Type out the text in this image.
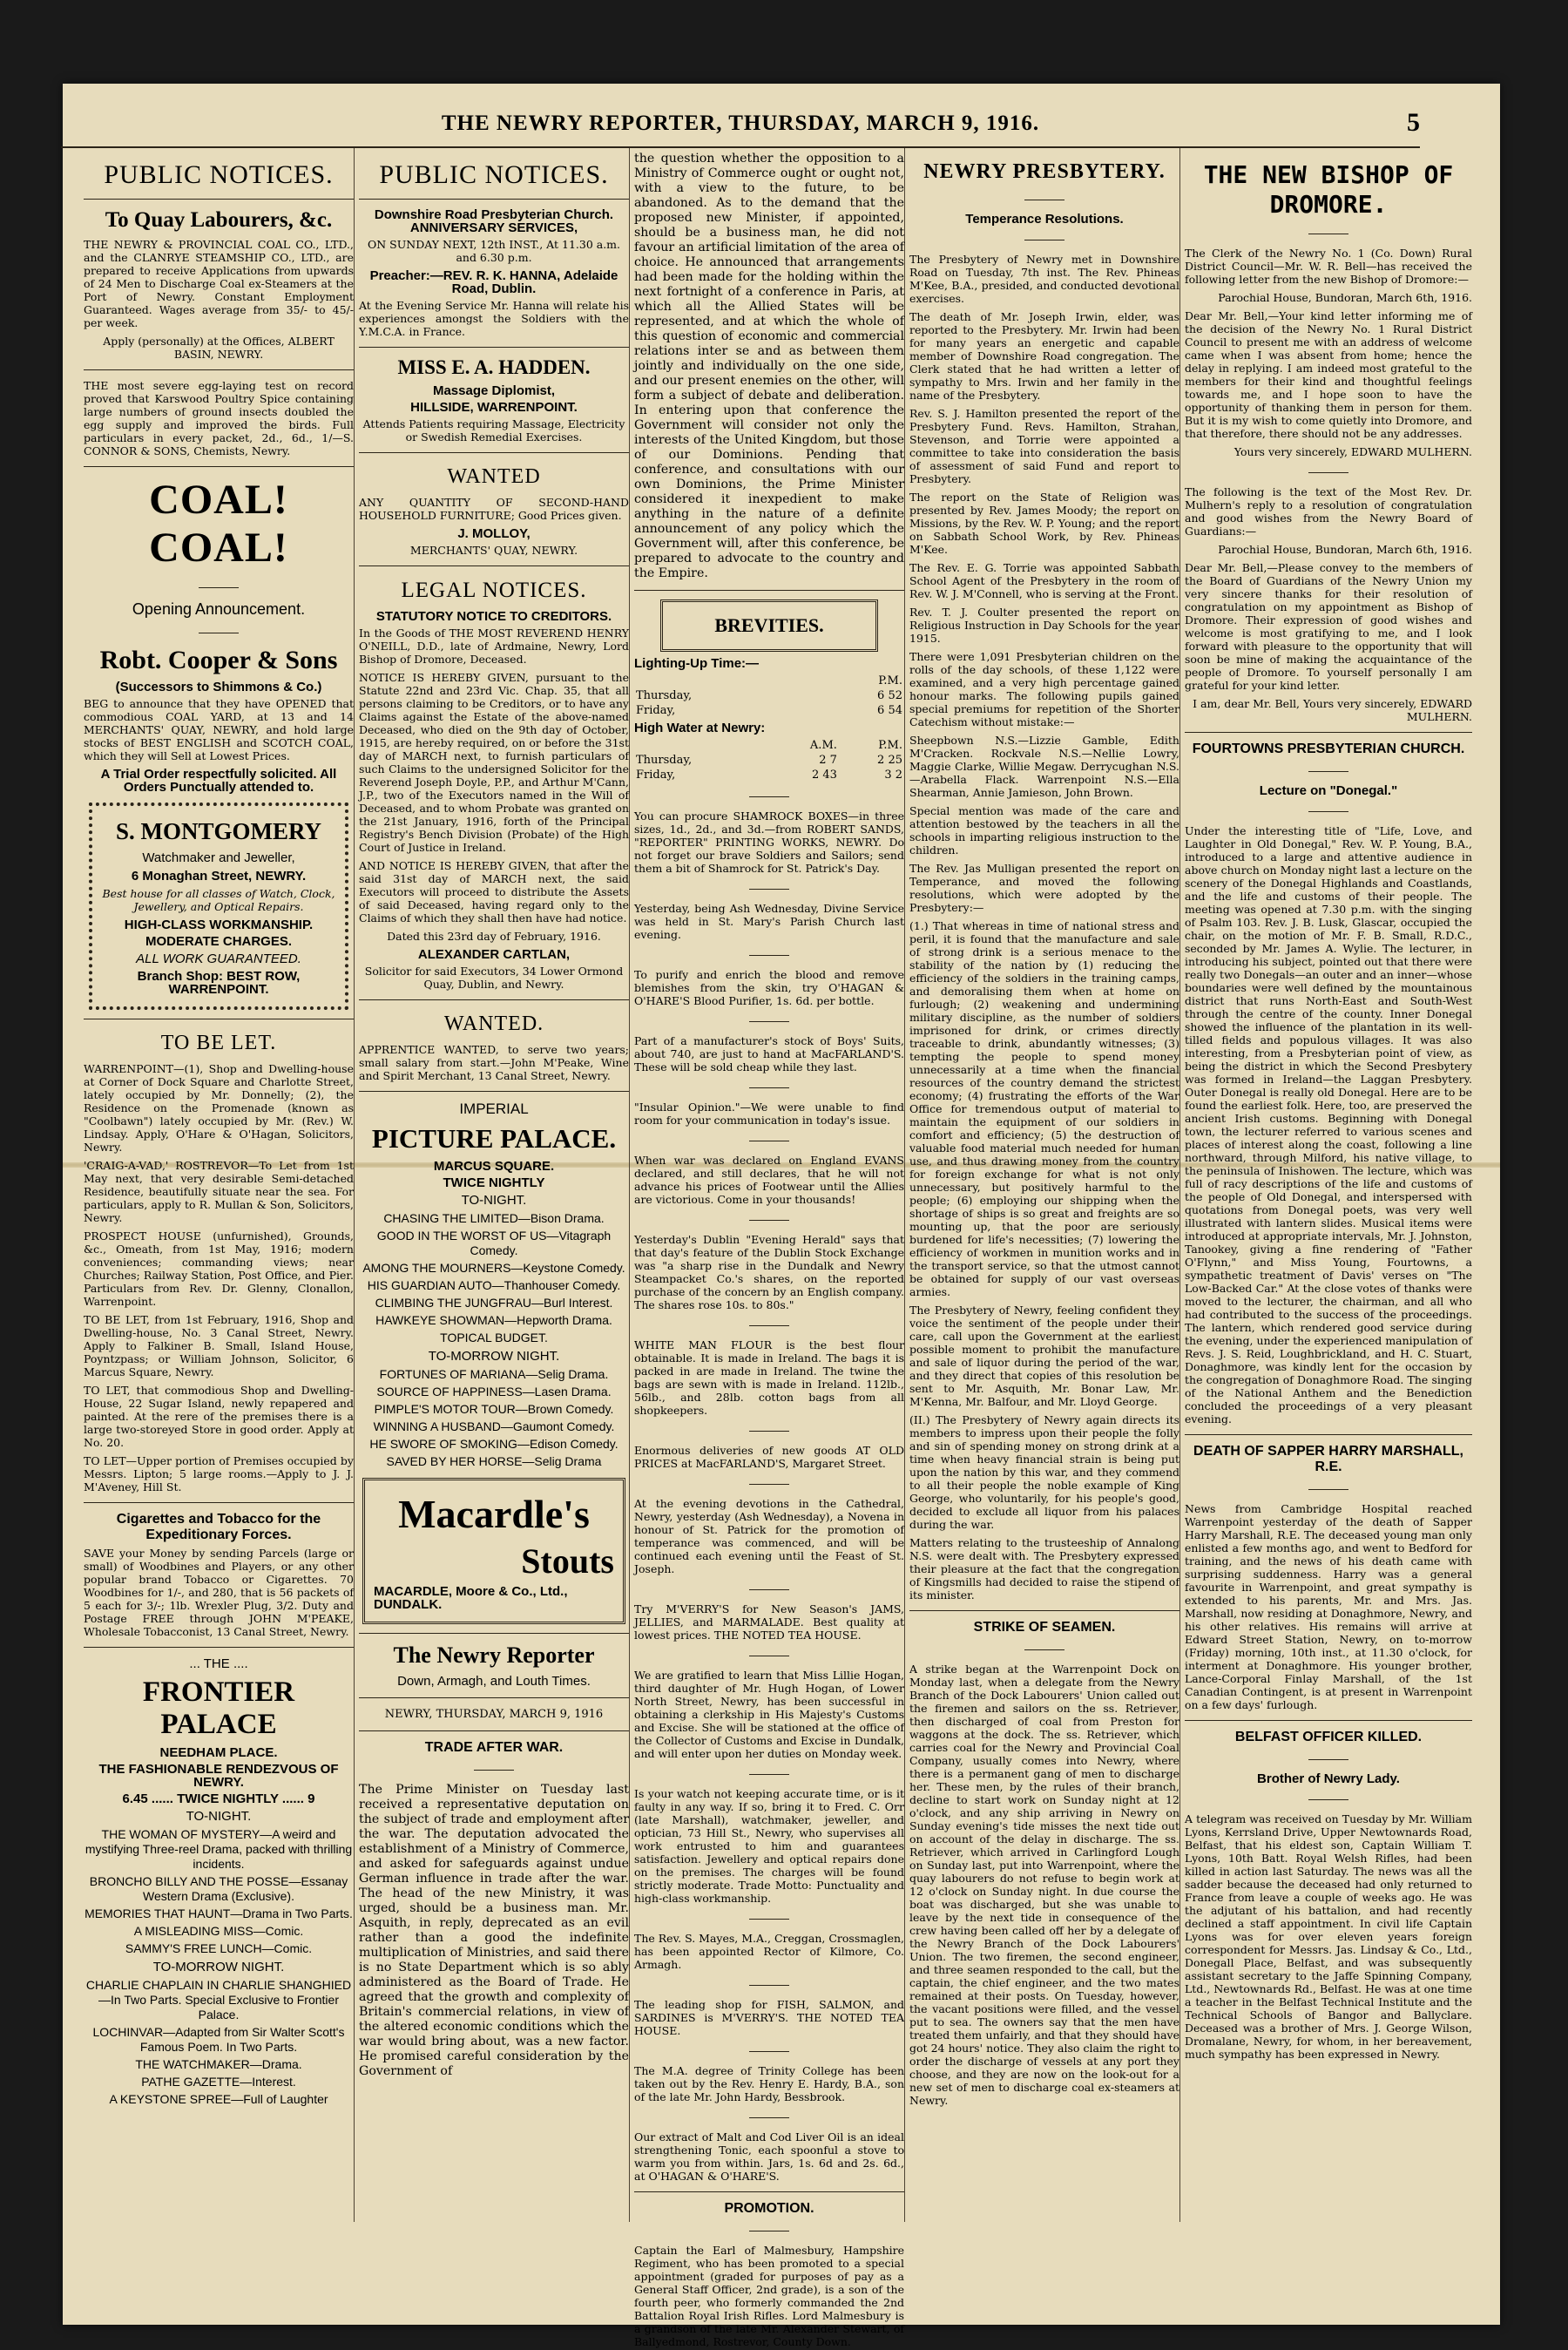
THE NEWRY REPORTER, THURSDAY, MARCH 9, 1916.	5
PUBLIC NOTICES.
To Quay Labourers, &c.
THE NEWRY & PROVINCIAL COAL CO., LTD., and the CLANRYE STEAMSHIP CO., LTD., are prepared to receive Applications from upwards of 24 Men to Discharge Coal ex-Steamers at the Port of Newry. Constant Employment Guaranteed. Wages average from 35/- to 45/- per week.
Apply (personally) at the Offices, ALBERT BASIN, NEWRY.
THE most severe egg-laying test on record proved that Karswood Poultry Spice containing large numbers of ground insects doubled the egg supply and improved the birds. Full particulars in every packet, 2d., 6d., 1/—S. CONNOR & SONS, Chemists, Newry.
COAL! COAL!
Opening Announcement.
Robt. Cooper & Sons
(Successors to Shimmons & Co.)
BEG to announce that they have OPENED that commodious COAL YARD, at 13 and 14 MERCHANTS' QUAY, NEWRY, and hold large stocks of BEST ENGLISH and SCOTCH COAL, which they will Sell at Lowest Prices.
A Trial Order respectfully solicited. All Orders Punctually attended to.
S. MONTGOMERY
Watchmaker and Jeweller,
6 Monaghan Street, NEWRY.
Best house for all classes of Watch, Clock, Jewellery, and Optical Repairs.
HIGH-CLASS WORKMANSHIP.
MODERATE CHARGES.
ALL WORK GUARANTEED.
Branch Shop: BEST ROW, WARRENPOINT.
TO BE LET.
WARRENPOINT—(1), Shop and Dwelling-house at Corner of Dock Square and Charlotte Street, lately occupied by Mr. Donnelly; (2), the Residence on the Promenade (known as "Coolbawn") lately occupied by Mr. (Rev.) W. Lindsay. Apply, O'Hare & O'Hagan, Solicitors, Newry.
'CRAIG-A-VAD,' ROSTREVOR—To Let from 1st May next, that very desirable Semi-detached Residence, beautifully situate near the sea. For particulars, apply to R. Mullan & Son, Solicitors, Newry.
PROSPECT HOUSE (unfurnished), Grounds, &c., Omeath, from 1st May, 1916; modern conveniences; commanding views; near Churches; Railway Station, Post Office, and Pier. Particulars from Rev. Dr. Glenny, Clonallon, Warrenpoint.
TO BE LET, from 1st February, 1916, Shop and Dwelling-house, No. 3 Canal Street, Newry. Apply to Falkiner B. Small, Island House, Poyntzpass; or William Johnson, Solicitor, 6 Marcus Square, Newry.
TO LET, that commodious Shop and Dwelling-House, 22 Sugar Island, newly repapered and painted. At the rere of the premises there is a large two-storeyed Store in good order. Apply at No. 20.
TO LET—Upper portion of Premises occupied by Messrs. Lipton; 5 large rooms.—Apply to J. J. M'Aveney, Hill St.
Cigarettes and Tobacco for the Expeditionary Forces.
SAVE your Money by sending Parcels (large or small) of Woodbines and Players, or any other popular brand Tobacco or Cigarettes. 70 Woodbines for 1/-, and 280, that is 56 packets of 5 each for 3/-; 1lb. Wrexler Plug, 3/2. Duty and Postage FREE through JOHN M'PEAKE, Wholesale Tobacconist, 13 Canal Street, Newry.
... THE ....
FRONTIER PALACE
NEEDHAM PLACE.
THE FASHIONABLE RENDEZVOUS OF NEWRY.
6.45 ...... TWICE NIGHTLY ...... 9
TO-NIGHT.
THE WOMAN OF MYSTERY—A weird and mystifying Three-reel Drama, packed with thrilling incidents.
BRONCHO BILLY AND THE POSSE—Essanay Western Drama (Exclusive).
MEMORIES THAT HAUNT—Drama in Two Parts.
A MISLEADING MISS—Comic.
SAMMY'S FREE LUNCH—Comic.
TO-MORROW NIGHT.
CHARLIE CHAPLAIN IN CHARLIE SHANGHIED—In Two Parts. Special Exclusive to Frontier Palace.
LOCHINVAR—Adapted from Sir Walter Scott's Famous Poem. In Two Parts.
THE WATCHMAKER—Drama.
PATHE GAZETTE—Interest.
A KEYSTONE SPREE—Full of Laughter
PUBLIC NOTICES.
Downshire Road Presbyterian Church. ANNIVERSARY SERVICES,
ON SUNDAY NEXT, 12th INST., At 11.30 a.m. and 6.30 p.m.
Preacher:—REV. R. K. HANNA, Adelaide Road, Dublin.
At the Evening Service Mr. Hanna will relate his experiences amongst the Soldiers with the Y.M.C.A. in France.
MISS E. A. HADDEN.
Massage Diplomist,
HILLSIDE, WARRENPOINT.
Attends Patients requiring Massage, Electricity or Swedish Remedial Exercises.
WANTED
ANY QUANTITY OF SECOND-HAND HOUSEHOLD FURNITURE; Good Prices given.
J. MOLLOY,
MERCHANTS' QUAY, NEWRY.
LEGAL NOTICES.
STATUTORY NOTICE TO CREDITORS.
In the Goods of THE MOST REVEREND HENRY O'NEILL, D.D., late of Ardmaine, Newry, Lord Bishop of Dromore, Deceased.
NOTICE IS HEREBY GIVEN, pursuant to the Statute 22nd and 23rd Vic. Chap. 35, that all persons claiming to be Creditors, or to have any Claims against the Estate of the above-named Deceased, who died on the 9th day of October, 1915, are hereby required, on or before the 31st day of MARCH next, to furnish particulars of such Claims to the undersigned Solicitor for the Reverend Joseph Doyle, P.P., and Arthur M'Cann, J.P., two of the Executors named in the Will of Deceased, and to whom Probate was granted on the 21st January, 1916, forth of the Principal Registry's Bench Division (Probate) of the High Court of Justice in Ireland.
AND NOTICE IS HEREBY GIVEN, that after the said 31st day of MARCH next, the said Executors will proceed to distribute the Assets of said Deceased, having regard only to the Claims of which they shall then have had notice.
Dated this 23rd day of February, 1916.
ALEXANDER CARTLAN,
Solicitor for said Executors, 34 Lower Ormond Quay, Dublin, and Newry.
WANTED.
APPRENTICE WANTED, to serve two years; small salary from start.—John M'Peake, Wine and Spirit Merchant, 13 Canal Street, Newry.
IMPERIAL
PICTURE PALACE.
MARCUS SQUARE.
TWICE NIGHTLY
TO-NIGHT.
CHASING THE LIMITED—Bison Drama.
GOOD IN THE WORST OF US—Vitagraph Comedy.
AMONG THE MOURNERS—Keystone Comedy.
HIS GUARDIAN AUTO—Thanhouser Comedy.
CLIMBING THE JUNGFRAU—Burl Interest.
HAWKEYE SHOWMAN—Hepworth Drama.
TOPICAL BUDGET.
TO-MORROW NIGHT.
FORTUNES OF MARIANA—Selig Drama.
SOURCE OF HAPPINESS—Lasen Drama.
PIMPLE'S MOTOR TOUR—Brown Comedy.
WINNING A HUSBAND—Gaumont Comedy.
HE SWORE OF SMOKING—Edison Comedy.
SAVED BY HER HORSE—Selig Drama
Macardle's
Stouts
MACARDLE, Moore & Co., Ltd., DUNDALK.
The Newry Reporter
Down, Armagh, and Louth Times.
NEWRY, THURSDAY, MARCH 9, 1916
TRADE AFTER WAR.
The Prime Minister on Tuesday last received a representative deputation on the subject of trade and employment after the war. The deputation advocated the establishment of a Ministry of Commerce, and asked for safeguards against undue German influence in trade after the war. The head of the new Ministry, it was urged, should be a business man. Mr. Asquith, in reply, deprecated as an evil rather than a good the indefinite multiplication of Ministries, and said there is no State Department which is so ably administered as the Board of Trade. He agreed that the growth and complexity of Britain's commercial relations, in view of the altered economic conditions which the war would bring about, was a new factor. He promised careful consideration by the Government of
the question whether the opposition to a Ministry of Commerce ought or ought not, with a view to the future, to be abandoned. As to the demand that the proposed new Minister, if appointed, should be a business man, he did not favour an artificial limitation of the area of choice. He announced that arrangements had been made for the holding within the next fortnight of a conference in Paris, at which all the Allied States will be represented, and at which the whole of this question of economic and commercial relations inter se and as between them jointly and individually on the one side, and our present enemies on the other, will form a subject of debate and deliberation. In entering upon that conference the Government will consider not only the interests of the United Kingdom, but those of our Dominions. Pending that conference, and consultations with our own Dominions, the Prime Minister considered it inexpedient to make anything in the nature of a definite announcement of any policy which the Government will, after this conference, be prepared to advocate to the country and the Empire.
BREVITIES.
Lighting-Up Time:—
	P.M.
Thursday,	6 52
Friday,	6 54
High Water at Newry:
	A.M.	P.M.
Thursday,	2 7	2 25
Friday,	2 43	3 2
You can procure SHAMROCK BOXES—in three sizes, 1d., 2d., and 3d.—from ROBERT SANDS, "REPORTER" PRINTING WORKS, NEWRY. Do not forget our brave Soldiers and Sailors; send them a bit of Shamrock for St. Patrick's Day.
Yesterday, being Ash Wednesday, Divine Service was held in St. Mary's Parish Church last evening.
To purify and enrich the blood and remove blemishes from the skin, try O'HAGAN & O'HARE'S Blood Purifier, 1s. 6d. per bottle.
Part of a manufacturer's stock of Boys' Suits, about 740, are just to hand at MacFARLAND'S. These will be sold cheap while they last.
"Insular Opinion."—We were unable to find room for your communication in today's issue.
When war was declared on England EVANS declared, and still declares, that he will not advance his prices of Footwear until the Allies are victorious. Come in your thousands!
Yesterday's Dublin "Evening Herald" says that that day's feature of the Dublin Stock Exchange was "a sharp rise in the Dundalk and Newry Steampacket Co.'s shares, on the reported purchase of the concern by an English company. The shares rose 10s. to 80s."
WHITE MAN FLOUR is the best flour obtainable. It is made in Ireland. The bags it is packed in are made in Ireland. The twine the bags are sewn with is made in Ireland. 112lb., 56lb., and 28lb. cotton bags from all shopkeepers.
Enormous deliveries of new goods AT OLD PRICES at MacFARLAND'S, Margaret Street.
At the evening devotions in the Cathedral, Newry, yesterday (Ash Wednesday), a Novena in honour of St. Patrick for the promotion of temperance was commenced, and will be continued each evening until the Feast of St. Joseph.
Try M'VERRY'S for New Season's JAMS, JELLIES, and MARMALADE. Best quality at lowest prices. THE NOTED TEA HOUSE.
We are gratified to learn that Miss Lillie Hogan, third daughter of Mr. Hugh Hogan, of Lower North Street, Newry, has been successful in obtaining a clerkship in His Majesty's Customs and Excise. She will be stationed at the office of the Collector of Customs and Excise in Dundalk, and will enter upon her duties on Monday week.
Is your watch not keeping accurate time, or is it faulty in any way. If so, bring it to Fred. C. Orr (late Marshall), watchmaker, jeweller, and optician, 73 Hill St., Newry, who supervises all work entrusted to him and guarantees satisfaction. Jewellery and optical repairs done on the premises. The charges will be found strictly moderate. Trade Motto: Punctuality and high-class workmanship.
The Rev. S. Mayes, M.A., Creggan, Crossmaglen, has been appointed Rector of Kilmore, Co. Armagh.
The leading shop for FISH, SALMON, and SARDINES is M'VERRY'S. THE NOTED TEA HOUSE.
The M.A. degree of Trinity College has been taken out by the Rev. Henry E. Hardy, B.A., son of the late Mr. John Hardy, Bessbrook.
Our extract of Malt and Cod Liver Oil is an ideal strengthening Tonic, each spoonful a stove to warm you from within. Jars, 1s. 6d and 2s. 6d., at O'HAGAN & O'HARE'S.
PROMOTION.
Captain the Earl of Malmesbury, Hampshire Regiment, who has been promoted to a special appointment (graded for purposes of pay as a General Staff Officer, 2nd grade), is a son of the fourth peer, who formerly commanded the 2nd Battalion Royal Irish Rifles. Lord Malmesbury is a grandson of the late Mr. Alexander Stewart, of Ballyedmond, Rostrevor, County Down.
NEWRY PRESBYTERY.
Temperance Resolutions.
The Presbytery of Newry met in Downshire Road on Tuesday, 7th inst. The Rev. Phineas M'Kee, B.A., presided, and conducted devotional exercises.
The death of Mr. Joseph Irwin, elder, was reported to the Presbytery. Mr. Irwin had been for many years an energetic and capable member of Downshire Road congregation. The Clerk stated that he had written a letter of sympathy to Mrs. Irwin and her family in the name of the Presbytery.
Rev. S. J. Hamilton presented the report of the Presbytery Fund. Revs. Hamilton, Strahan, Stevenson, and Torrie were appointed a committee to take into consideration the basis of assessment of said Fund and report to Presbytery.
The report on the State of Religion was presented by Rev. James Moody; the report on Missions, by the Rev. W. P. Young; and the report on Sabbath School Work, by Rev. Phineas M'Kee.
The Rev. E. G. Torrie was appointed Sabbath School Agent of the Presbytery in the room of Rev. W. J. M'Connell, who is serving at the Front.
Rev. T. J. Coulter presented the report on Religious Instruction in Day Schools for the year 1915.
There were 1,091 Presbyterian children on the rolls of the day schools, of these 1,122 were examined, and a very high percentage gained honour marks. The following pupils gained special premiums for repetition of the Shorter Catechism without mistake:—
Sheepbown N.S.—Lizzie Gamble, Edith M'Cracken. Rockvale N.S.—Nellie Lowry, Maggie Clarke, Willie Megaw. Derrycughan N.S.—Arabella Flack. Warrenpoint N.S.—Ella Shearman, Annie Jamieson, John Brown.
Special mention was made of the care and attention bestowed by the teachers in all the schools in imparting religious instruction to the children.
The Rev. Jas Mulligan presented the report on Temperance, and moved the following resolutions, which were adopted by the Presbytery:—
(1.) That whereas in time of national stress and peril, it is found that the manufacture and sale of strong drink is a serious menace to the stability of the nation by (1) reducing the efficiency of the soldiers in the training camps, and demoralising them when at home on furlough; (2) weakening and undermining military discipline, as the number of soldiers imprisoned for drink, or crimes directly traceable to drink, abundantly witnesses; (3) tempting the people to spend money unnecessarily at a time when the financial resources of the country demand the strictest economy; (4) frustrating the efforts of the War Office for tremendous output of material to maintain the equipment of our soldiers in comfort and efficiency; (5) the destruction of valuable food material much needed for human use, and thus drawing money from the country for foreign exchange for what is not only unnecessary, but positively harmful to the people; (6) employing our shipping when the shortage of ships is so great and freights are so mounting up, that the poor are seriously burdened for life's necessities; (7) lowering the efficiency of workmen in munition works and in the transport service, so that the utmost cannot be obtained for supply of our vast overseas armies.
The Presbytery of Newry, feeling confident they voice the sentiment of the people under their care, call upon the Government at the earliest possible moment to prohibit the manufacture and sale of liquor during the period of the war, and they direct that copies of this resolution be sent to Mr. Asquith, Mr. Bonar Law, Mr. M'Kenna, Mr. Balfour, and Mr. Lloyd George.
(II.) The Presbytery of Newry again directs its members to impress upon their people the folly and sin of spending money on strong drink at a time when heavy financial strain is being put upon the nation by this war, and they commend to all their people the noble example of King George, who voluntarily, for his people's good, decided to exclude all liquor from his palaces during the war.
Matters relating to the trusteeship of Annalong N.S. were dealt with. The Presbytery expressed their pleasure at the fact that the congregation of Kingsmills had decided to raise the stipend of its minister.
STRIKE OF SEAMEN.
A strike began at the Warrenpoint Dock on Monday last, when a delegate from the Newry Branch of the Dock Labourers' Union called out the firemen and sailors on the ss. Retriever, then discharged of coal from Preston for waggons at the dock. The ss. Retriever, which carries coal for the Newry and Provincial Coal Company, usually comes into Newry, where there is a permanent gang of men to discharge her. These men, by the rules of their branch, decline to start work on Sunday night at 12 o'clock, and any ship arriving in Newry on Sunday evening's tide misses the next tide out on account of the delay in discharge. The ss. Retriever, which arrived in Carlingford Lough on Sunday last, put into Warrenpoint, where the quay labourers do not refuse to begin work at 12 o'clock on Sunday night. In due course the boat was discharged, but she was unable to leave by the next tide in consequence of the crew having been called off her by a delegate of the Newry Branch of the Dock Labourers' Union. The two firemen, the second engineer, and three seamen responded to the call, but the captain, the chief engineer, and the two mates remained at their posts. On Tuesday, however, the vacant positions were filled, and the vessel put to sea. The owners say that the men have treated them unfairly, and that they should have got 24 hours' notice. They also claim the right to order the discharge of vessels at any port they choose, and they are now on the look-out for a new set of men to discharge coal ex-steamers at Newry.
THE NEW BISHOP OF DROMORE.
The Clerk of the Newry No. 1 (Co. Down) Rural District Council—Mr. W. R. Bell—has received the following letter from the new Bishop of Dromore:—
Parochial House, Bundoran, March 6th, 1916.
Dear Mr. Bell,—Your kind letter informing me of the decision of the Newry No. 1 Rural District Council to present me with an address of welcome came when I was absent from home; hence the delay in replying. I am indeed most grateful to the members for their kind and thoughtful feelings towards me, and I hope soon to have the opportunity of thanking them in person for them. But it is my wish to come quietly into Dromore, and that therefore, there should not be any addresses.
Yours very sincerely, EDWARD MULHERN.
The following is the text of the Most Rev. Dr. Mulhern's reply to a resolution of congratulation and good wishes from the Newry Board of Guardians:—
Parochial House, Bundoran, March 6th, 1916.
Dear Mr. Bell,—Please convey to the members of the Board of Guardians of the Newry Union my very sincere thanks for their resolution of congratulation on my appointment as Bishop of Dromore. Their expression of good wishes and welcome is most gratifying to me, and I look forward with pleasure to the opportunity that will soon be mine of making the acquaintance of the people of Dromore. To yourself personally I am grateful for your kind letter.
I am, dear Mr. Bell, Yours very sincerely, EDWARD MULHERN.
FOURTOWNS PRESBYTERIAN CHURCH.
Lecture on "Donegal."
Under the interesting title of "Life, Love, and Laughter in Old Donegal," Rev. W. P. Young, B.A., introduced to a large and attentive audience in above church on Monday night last a lecture on the scenery of the Donegal Highlands and Coastlands, and the life and customs of their people. The meeting was opened at 7.30 p.m. with the singing of Psalm 103. Rev. J. B. Lusk, Glascar, occupied the chair, on the motion of Mr. F. B. Small, R.D.C., seconded by Mr. James A. Wylie. The lecturer, in introducing his subject, pointed out that there were really two Donegals—an outer and an inner—whose boundaries were well defined by the mountainous district that runs North-East and South-West through the centre of the county. Inner Donegal showed the influence of the plantation in its well-tilled fields and populous villages. It was also interesting, from a Presbyterian point of view, as being the district in which the Second Presbytery was formed in Ireland—the Laggan Presbytery. Outer Donegal is really old Donegal. Here are to be found the earliest folk. Here, too, are preserved the ancient Irish customs. Beginning with Donegal town, the lecturer referred to various scenes and places of interest along the coast, following a line northward, through Milford, his native village, to the peninsula of Inishowen. The lecture, which was full of racy descriptions of the life and customs of the people of Old Donegal, and interspersed with quotations from Donegal poets, was very well illustrated with lantern slides. Musical items were introduced at appropriate intervals, Mr. J. Johnston, Tanookey, giving a fine rendering of "Father O'Flynn," and Miss Young, Fourtowns, a sympathetic treatment of Davis' verses on "The Low-Backed Car." At the close votes of thanks were moved to the lecturer, the chairman, and all who had contributed to the success of the proceedings. The lantern, which rendered good service during the evening, under the experienced manipulation of Revs. J. S. Reid, Loughbrickland, and H. C. Stuart, Donaghmore, was kindly lent for the occasion by the congregation of Donaghmore Road. The singing of the National Anthem and the Benediction concluded the proceedings of a very pleasant evening.
DEATH OF SAPPER HARRY MARSHALL, R.E.
News from Cambridge Hospital reached Warrenpoint yesterday of the death of Sapper Harry Marshall, R.E. The deceased young man only enlisted a few months ago, and went to Bedford for training, and the news of his death came with surprising suddenness. Harry was a general favourite in Warrenpoint, and great sympathy is extended to his parents, Mr. and Mrs. Jas. Marshall, now residing at Donaghmore, Newry, and his other relatives. His remains will arrive at Edward Street Station, Newry, on to-morrow (Friday) morning, 10th inst., at 11.30 o'clock, for interment at Donaghmore. His younger brother, Lance-Corporal Finlay Marshall, of the 1st Canadian Contingent, is at present in Warrenpoint on a few days' furlough.
BELFAST OFFICER KILLED.
Brother of Newry Lady.
A telegram was received on Tuesday by Mr. William Lyons, Kerrsland Drive, Upper Newtownards Road, Belfast, that his eldest son, Captain William T. Lyons, 10th Batt. Royal Welsh Rifles, had been killed in action last Saturday. The news was all the sadder because the deceased had only returned to France from leave a couple of weeks ago. He was the adjutant of his battalion, and had recently declined a staff appointment. In civil life Captain Lyons was for over eleven years foreign correspondent for Messrs. Jas. Lindsay & Co., Ltd., Donegall Place, Belfast, and was subsequently assistant secretary to the Jaffe Spinning Company, Ltd., Newtownards Rd., Belfast. He was at one time a teacher in the Belfast Technical Institute and the Technical Schools of Bangor and Ballyclare. Deceased was a brother of Mrs. J. George Wilson, Dromalane, Newry, for whom, in her bereavement, much sympathy has been expressed in Newry.
